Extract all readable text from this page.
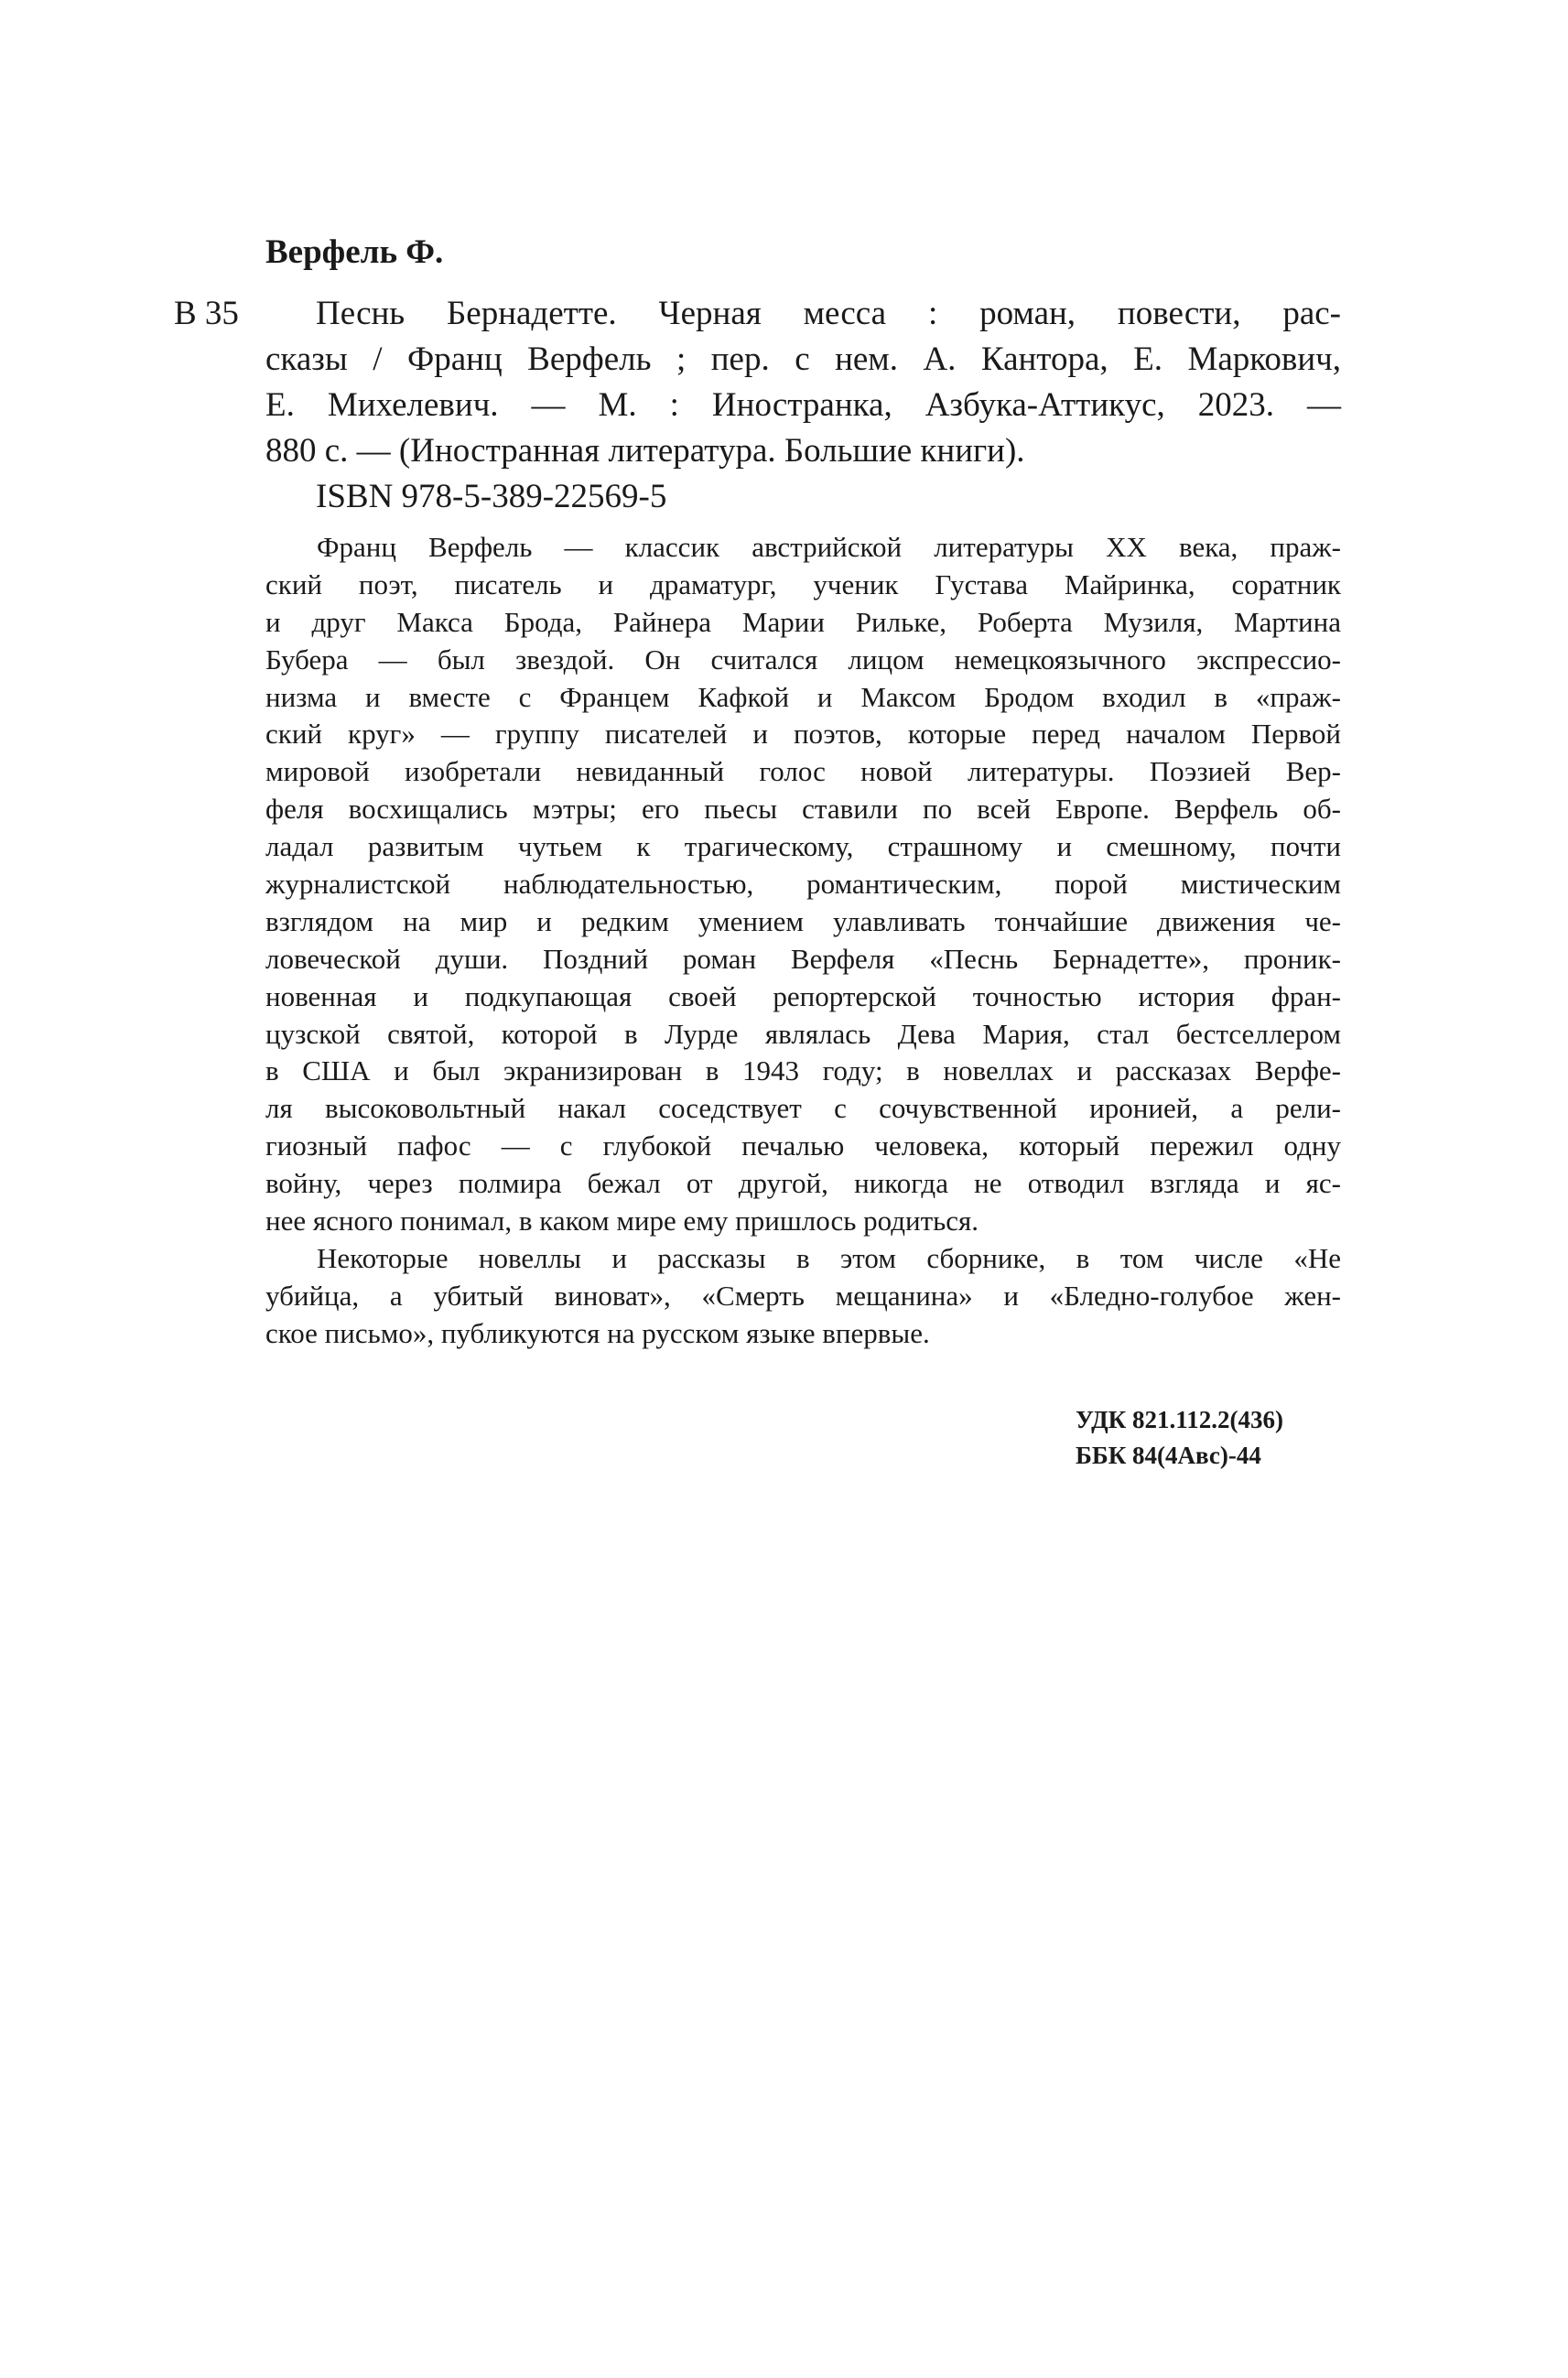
Верфель Ф.
В 35	Песнь Бернадетте. Черная месса : роман, повести, рас-
сказы / Франц Верфель ; пер. с нем. А. Кантора, Е. Маркович,
Е. Михелевич. — М. : Иностранка, Азбука-Аттикус, 2023. —
880 с. — (Иностранная литература. Большие книги).
ISBN 978-5-389-22569-5
Франц Верфель — классик австрийской литературы XX века, праж-
ский поэт, писатель и драматург, ученик Густава Майринка, соратник
и друг Макса Брода, Райнера Марии Рильке, Роберта Музиля, Мартина
Бубера — был звездой. Он считался лицом немецкоязычного экспрессио-
низма и вместе с Францем Кафкой и Максом Бродом входил в «праж-
ский круг» — группу писателей и поэтов, которые перед началом Первой
мировой изобретали невиданный голос новой литературы. Поэзией Вер-
феля восхищались мэтры; его пьесы ставили по всей Европе. Верфель об-
ладал развитым чутьем к трагическому, страшному и смешному, почти
журналистской наблюдательностью, романтическим, порой мистическим
взглядом на мир и редким умением улавливать тончайшие движения че-
ловеческой души. Поздний роман Верфеля «Песнь Бернадетте», проник-
новенная и подкупающая своей репортерской точностью история фран-
цузской святой, которой в Лурде являлась Дева Мария, стал бестселлером
в США и был экранизирован в 1943 году; в новеллах и рассказах Верфе-
ля высоковольтный накал соседствует с сочувственной иронией, а рели-
гиозный пафос — с глубокой печалью человека, который пережил одну
войну, через полмира бежал от другой, никогда не отводил взгляда и яс-
нее ясного понимал, в каком мире ему пришлось родиться.
Некоторые новеллы и рассказы в этом сборнике, в том числе «Не
убийца, а убитый виноват», «Смерть мещанина» и «Бледно-голубое жен-
ское письмо», публикуются на русском языке впервые.
УДК 821.112.2(436)
ББК 84(4Авс)-44
